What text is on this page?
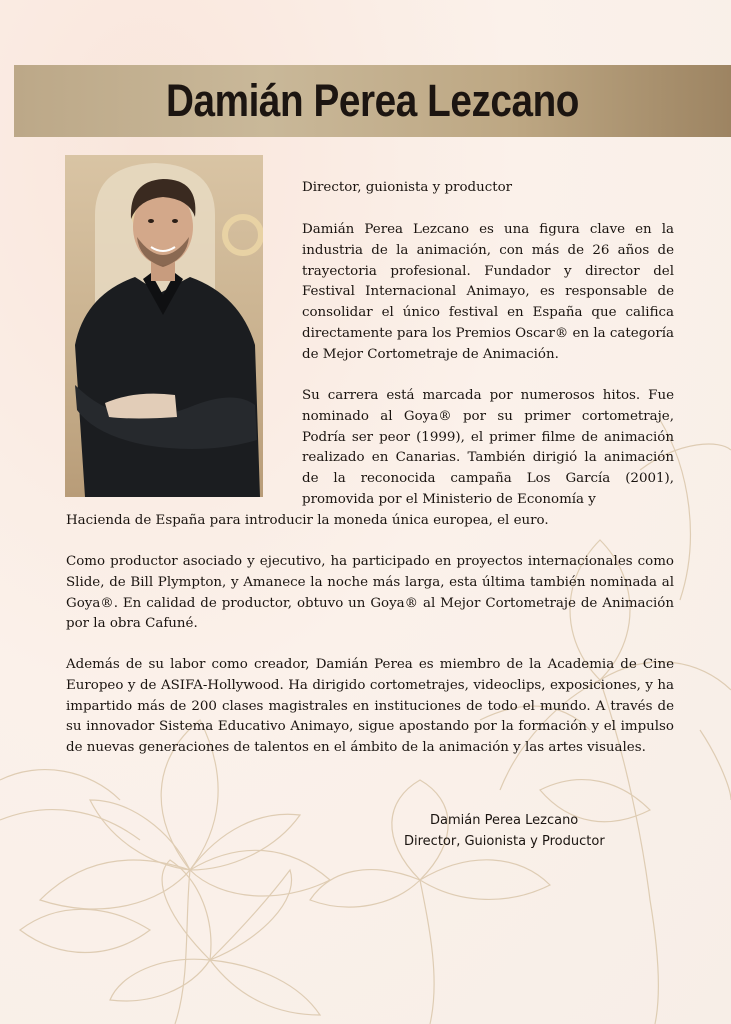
Damián Perea Lezcano

Director, guionista y productor

Damián Perea Lezcano es una figura clave en la industria de la animación, con más de 26 años de trayectoria profesional. Fundador y director del Festival Internacional Animayo, es responsable de consolidar el único festival en España que califica directamente para los Premios Oscar® en la categoría de Mejor Cortometraje de Animación.

Su carrera está marcada por numerosos hitos. Fue nominado al Goya® por su primer cortometraje, Podría ser peor (1999), el primer filme de animación realizado en Canarias. También dirigió la animación de la reconocida campaña Los García (2001), promovida por el Ministerio de Economía y

Hacienda de España para introducir la moneda única europea, el euro.

Como productor asociado y ejecutivo, ha participado en proyectos internacionales como Slide, de Bill Plympton, y Amanece la noche más larga, esta última también nominada al Goya®. En calidad de productor, obtuvo un Goya® al Mejor Cortometraje de Animación por la obra Cafuné.

Además de su labor como creador, Damián Perea es miembro de la Academia de Cine Europeo y de ASIFA-Hollywood. Ha dirigido cortometrajes, videoclips, exposiciones, y ha impartido más de 200 clases magistrales en instituciones de todo el mundo. A través de su innovador Sistema Educativo Animayo, sigue apostando por la formación y el impulso de nuevas generaciones de talentos en el ámbito de la animación y las artes visuales.

Damián Perea Lezcano
Director, Guionista y Productor
